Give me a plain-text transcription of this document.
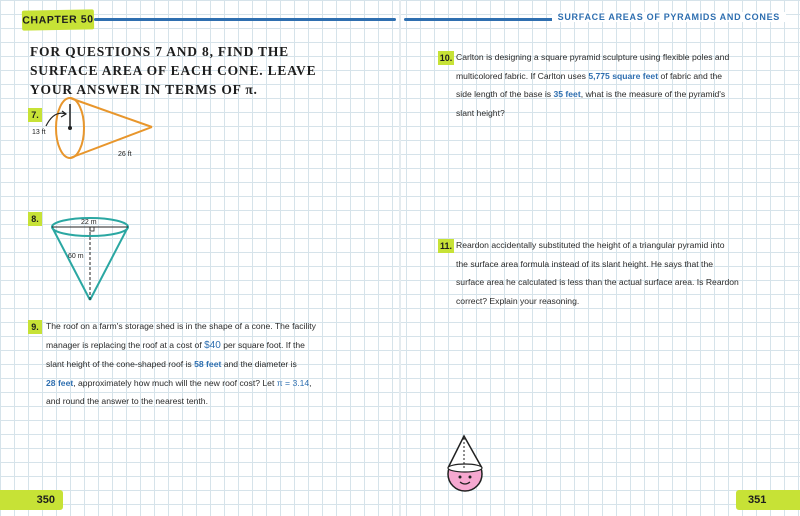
CHAPTER 50	SURFACE AREAS OF PYRAMIDS AND CONES
FOR QUESTIONS 7 AND 8, FIND THE SURFACE AREA OF EACH CONE. LEAVE YOUR ANSWER IN TERMS OF π.
7.
13 ft
26 ft
8.	22 m
60 m
9. The roof on a farm's storage shed is in the shape of a cone. The facility
manager is replacing the roof at a cost of $40 per square foot. If the
slant height of the cone-shaped roof is 58 feet and the diameter is
28 feet, approximately how much will the new roof cost? Let π = 3.14,
and round the answer to the nearest tenth.
10. Carlton is designing a square pyramid sculpture using flexible poles and
multicolored fabric. If Carlton uses 5,775 square feet of fabric and the
side length of the base is 35 feet, what is the measure of the pyramid's
slant height?
11. Reardon accidentally substituted the height of a triangular pyramid into
the surface area formula instead of its slant height. He says that the
surface area he calculated is less than the actual surface area. Is Reardon
correct? Explain your reasoning.
350	351
